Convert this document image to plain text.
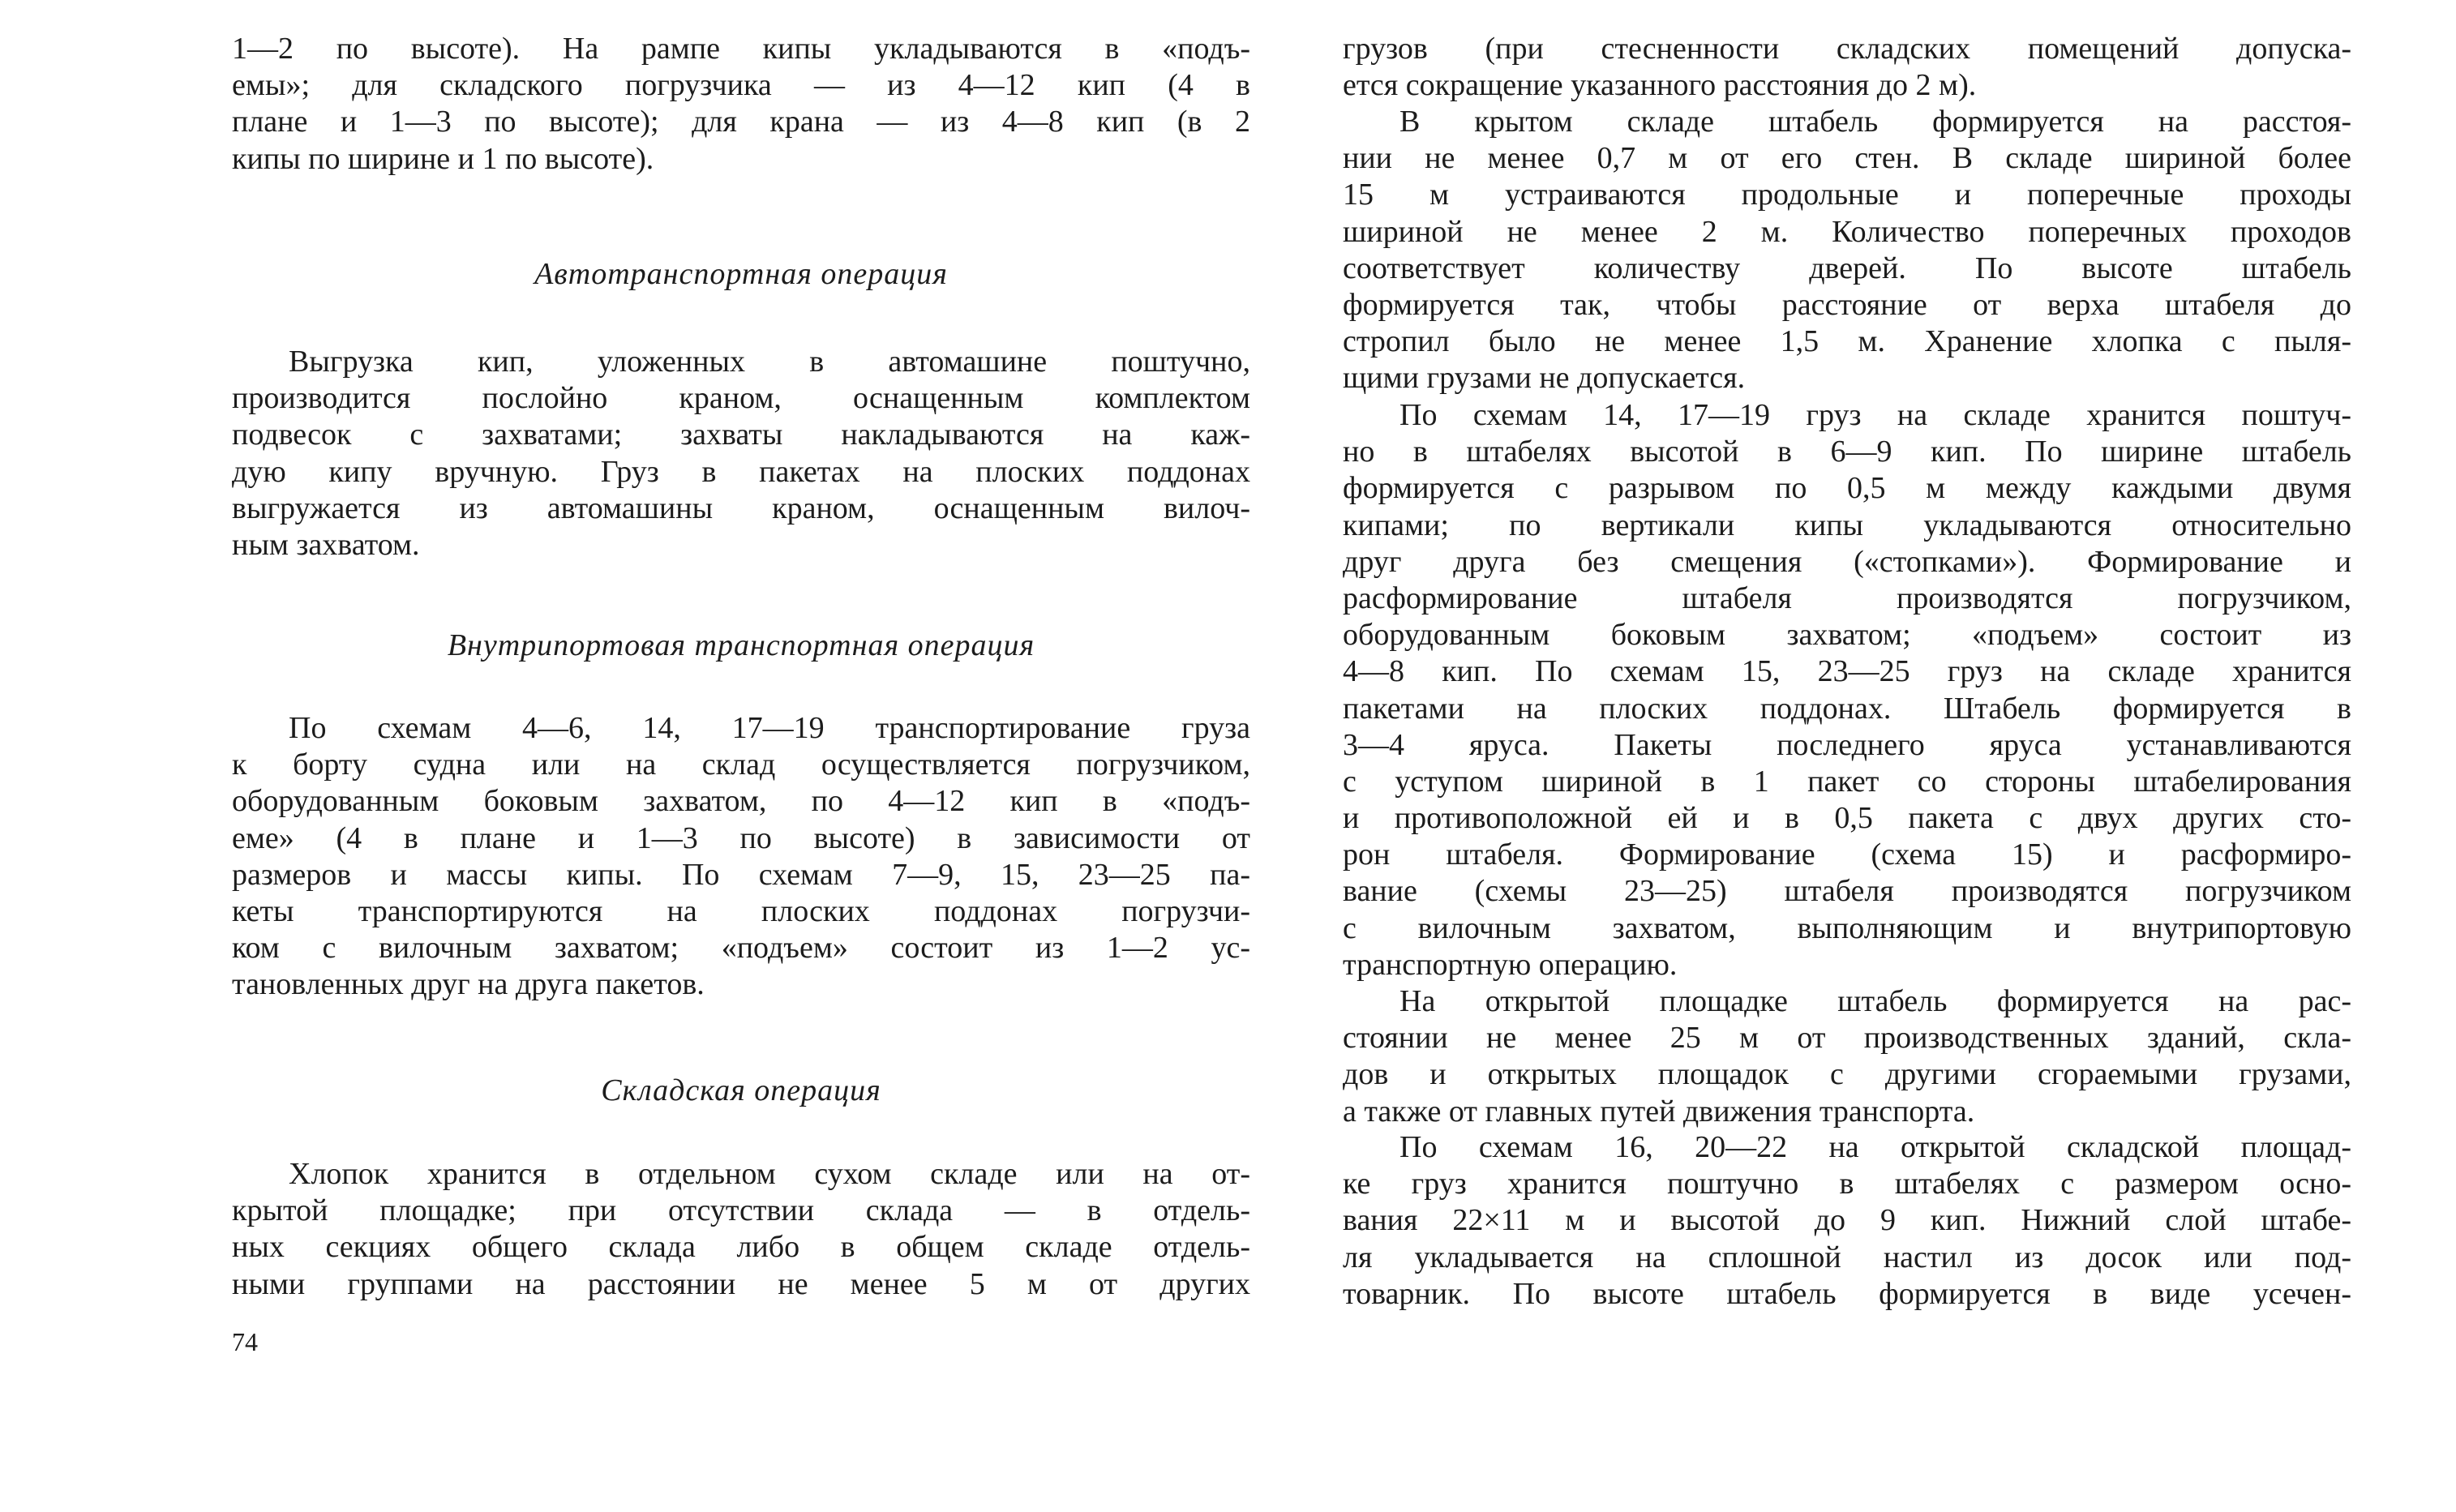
1—2 по высоте). На рампе кипы укладываются в «подъ-
емы»; для складского погрузчика — из 4—12 кип (4 в
плане и 1—3 по высоте); для крана — из 4—8 кип (в 2
кипы по ширине и 1 по высоте).
Автотранспортная операция
Выгрузка кип, уложенных в автомашине поштучно,
производится послойно краном, оснащенным комплектом
подвесок с захватами; захваты накладываются на каж-
дую кипу вручную. Груз в пакетах на плоских поддонах
выгружается из автомашины краном, оснащенным вилоч-
ным захватом.
Внутрипортовая транспортная операция
По схемам 4—6, 14, 17—19 транспортирование груза
к борту судна или на склад осуществляется погрузчиком,
оборудованным боковым захватом, по 4—12 кип в «подъ-
еме» (4 в плане и 1—3 по высоте) в зависимости от
размеров и массы кипы. По схемам 7—9, 15, 23—25 па-
кеты транспортируются на плоских поддонах погрузчи-
ком с вилочным захватом; «подъем» состоит из 1—2 ус-
тановленных друг на друга пакетов.
Складская операция
Хлопок хранится в отдельном сухом складе или на от-
крытой площадке; при отсутствии склада — в отдель-
ных секциях общего склада либо в общем складе отдель-
ными группами на расстоянии не менее 5 м от других
74
грузов (при стесненности складских помещений допуска-
ется сокращение указанного расстояния до 2 м).
В крытом складе штабель формируется на расстоя-
нии не менее 0,7 м от его стен. В складе шириной более
15 м устраиваются продольные и поперечные проходы
шириной не менее 2 м. Количество поперечных проходов
соответствует количеству дверей. По высоте штабель
формируется так, чтобы расстояние от верха штабеля до
стропил было не менее 1,5 м. Хранение хлопка с пыля-
щими грузами не допускается.
По схемам 14, 17—19 груз на складе хранится поштуч-
но в штабелях высотой в 6—9 кип. По ширине штабель
формируется с разрывом по 0,5 м между каждыми двумя
кипами; по вертикали кипы укладываются относительно
друг друга без смещения («стопками»). Формирование и
расформирование штабеля производятся погрузчиком,
оборудованным боковым захватом; «подъем» состоит из
4—8 кип. По схемам 15, 23—25 груз на складе хранится
пакетами на плоских поддонах. Штабель формируется в
3—4 яруса. Пакеты последнего яруса устанавливаются
с уступом шириной в 1 пакет со стороны штабелирования
и противоположной ей и в 0,5 пакета с двух других сто-
рон штабеля. Формирование (схема 15) и расформиро-
вание (схемы 23—25) штабеля производятся погрузчиком
с вилочным захватом, выполняющим и внутрипортовую
транспортную операцию.
На открытой площадке штабель формируется на рас-
стоянии не менее 25 м от производственных зданий, скла-
дов и открытых площадок с другими сгораемыми грузами,
а также от главных путей движения транспорта.
По схемам 16, 20—22 на открытой складской площад-
ке груз хранится поштучно в штабелях с размером осно-
вания 22×11 м и высотой до 9 кип. Нижний слой штабе-
ля укладывается на сплошной настил из досок или под-
товарник. По высоте штабель формируется в виде усечен-
